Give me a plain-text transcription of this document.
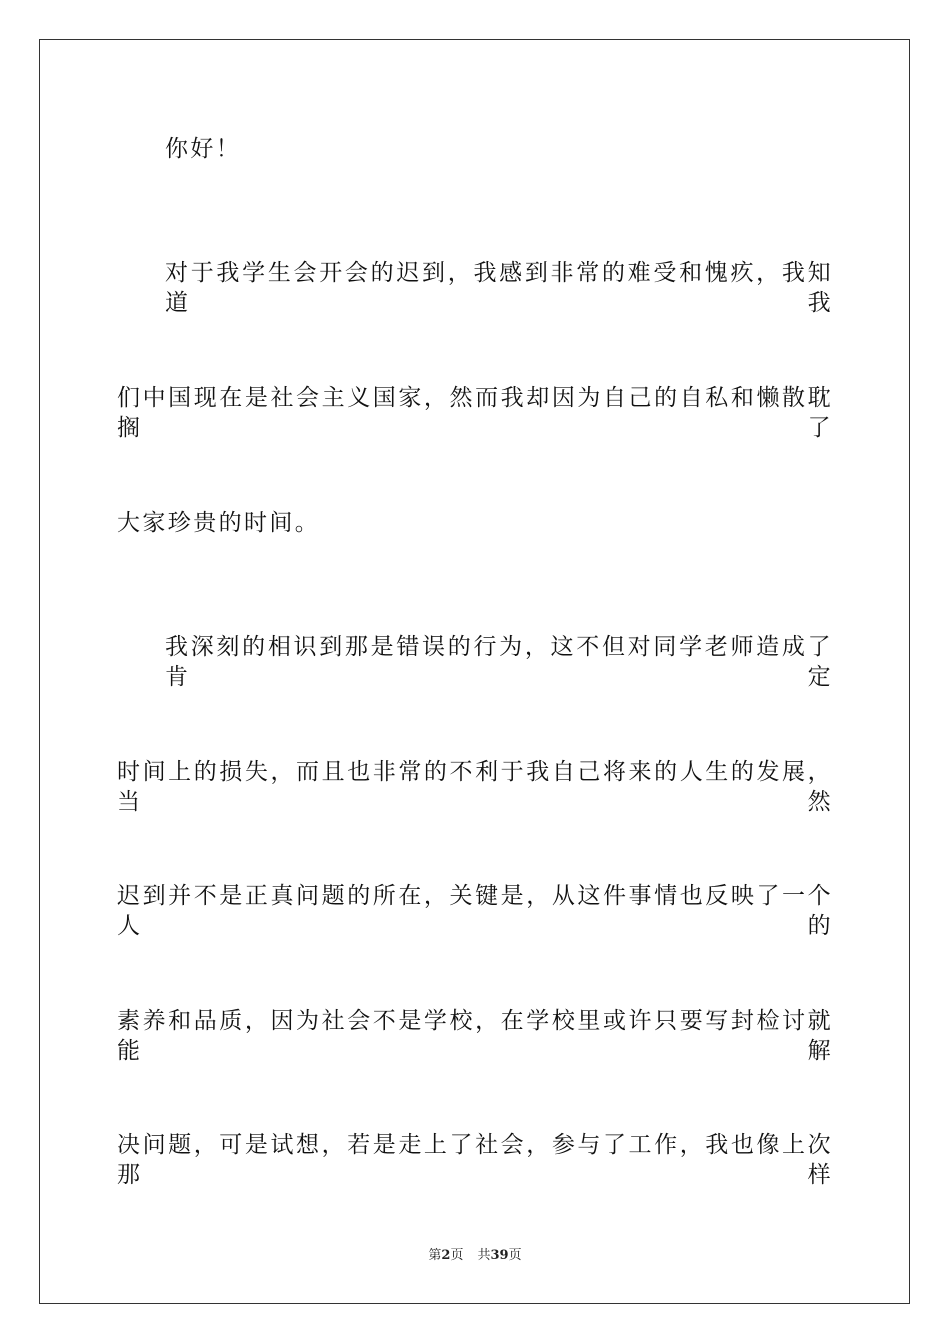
你好！
对于我学生会开会的迟到，我感到非常的难受和愧疚，我知道我
们中国现在是社会主义国家，然而我却因为自己的自私和懒散耽搁了
大家珍贵的时间。
我深刻的相识到那是错误的行为，这不但对同学老师造成了肯定
时间上的损失，而且也非常的不利于我自己将来的人生的发展，当然
迟到并不是正真问题的所在，关键是，从这件事情也反映了一个人的
素养和品质，因为社会不是学校，在学校里或许只要写封检讨就能解
决问题，可是试想，若是走上了社会，参与了工作，我也像上次那样
第2页 共39页
